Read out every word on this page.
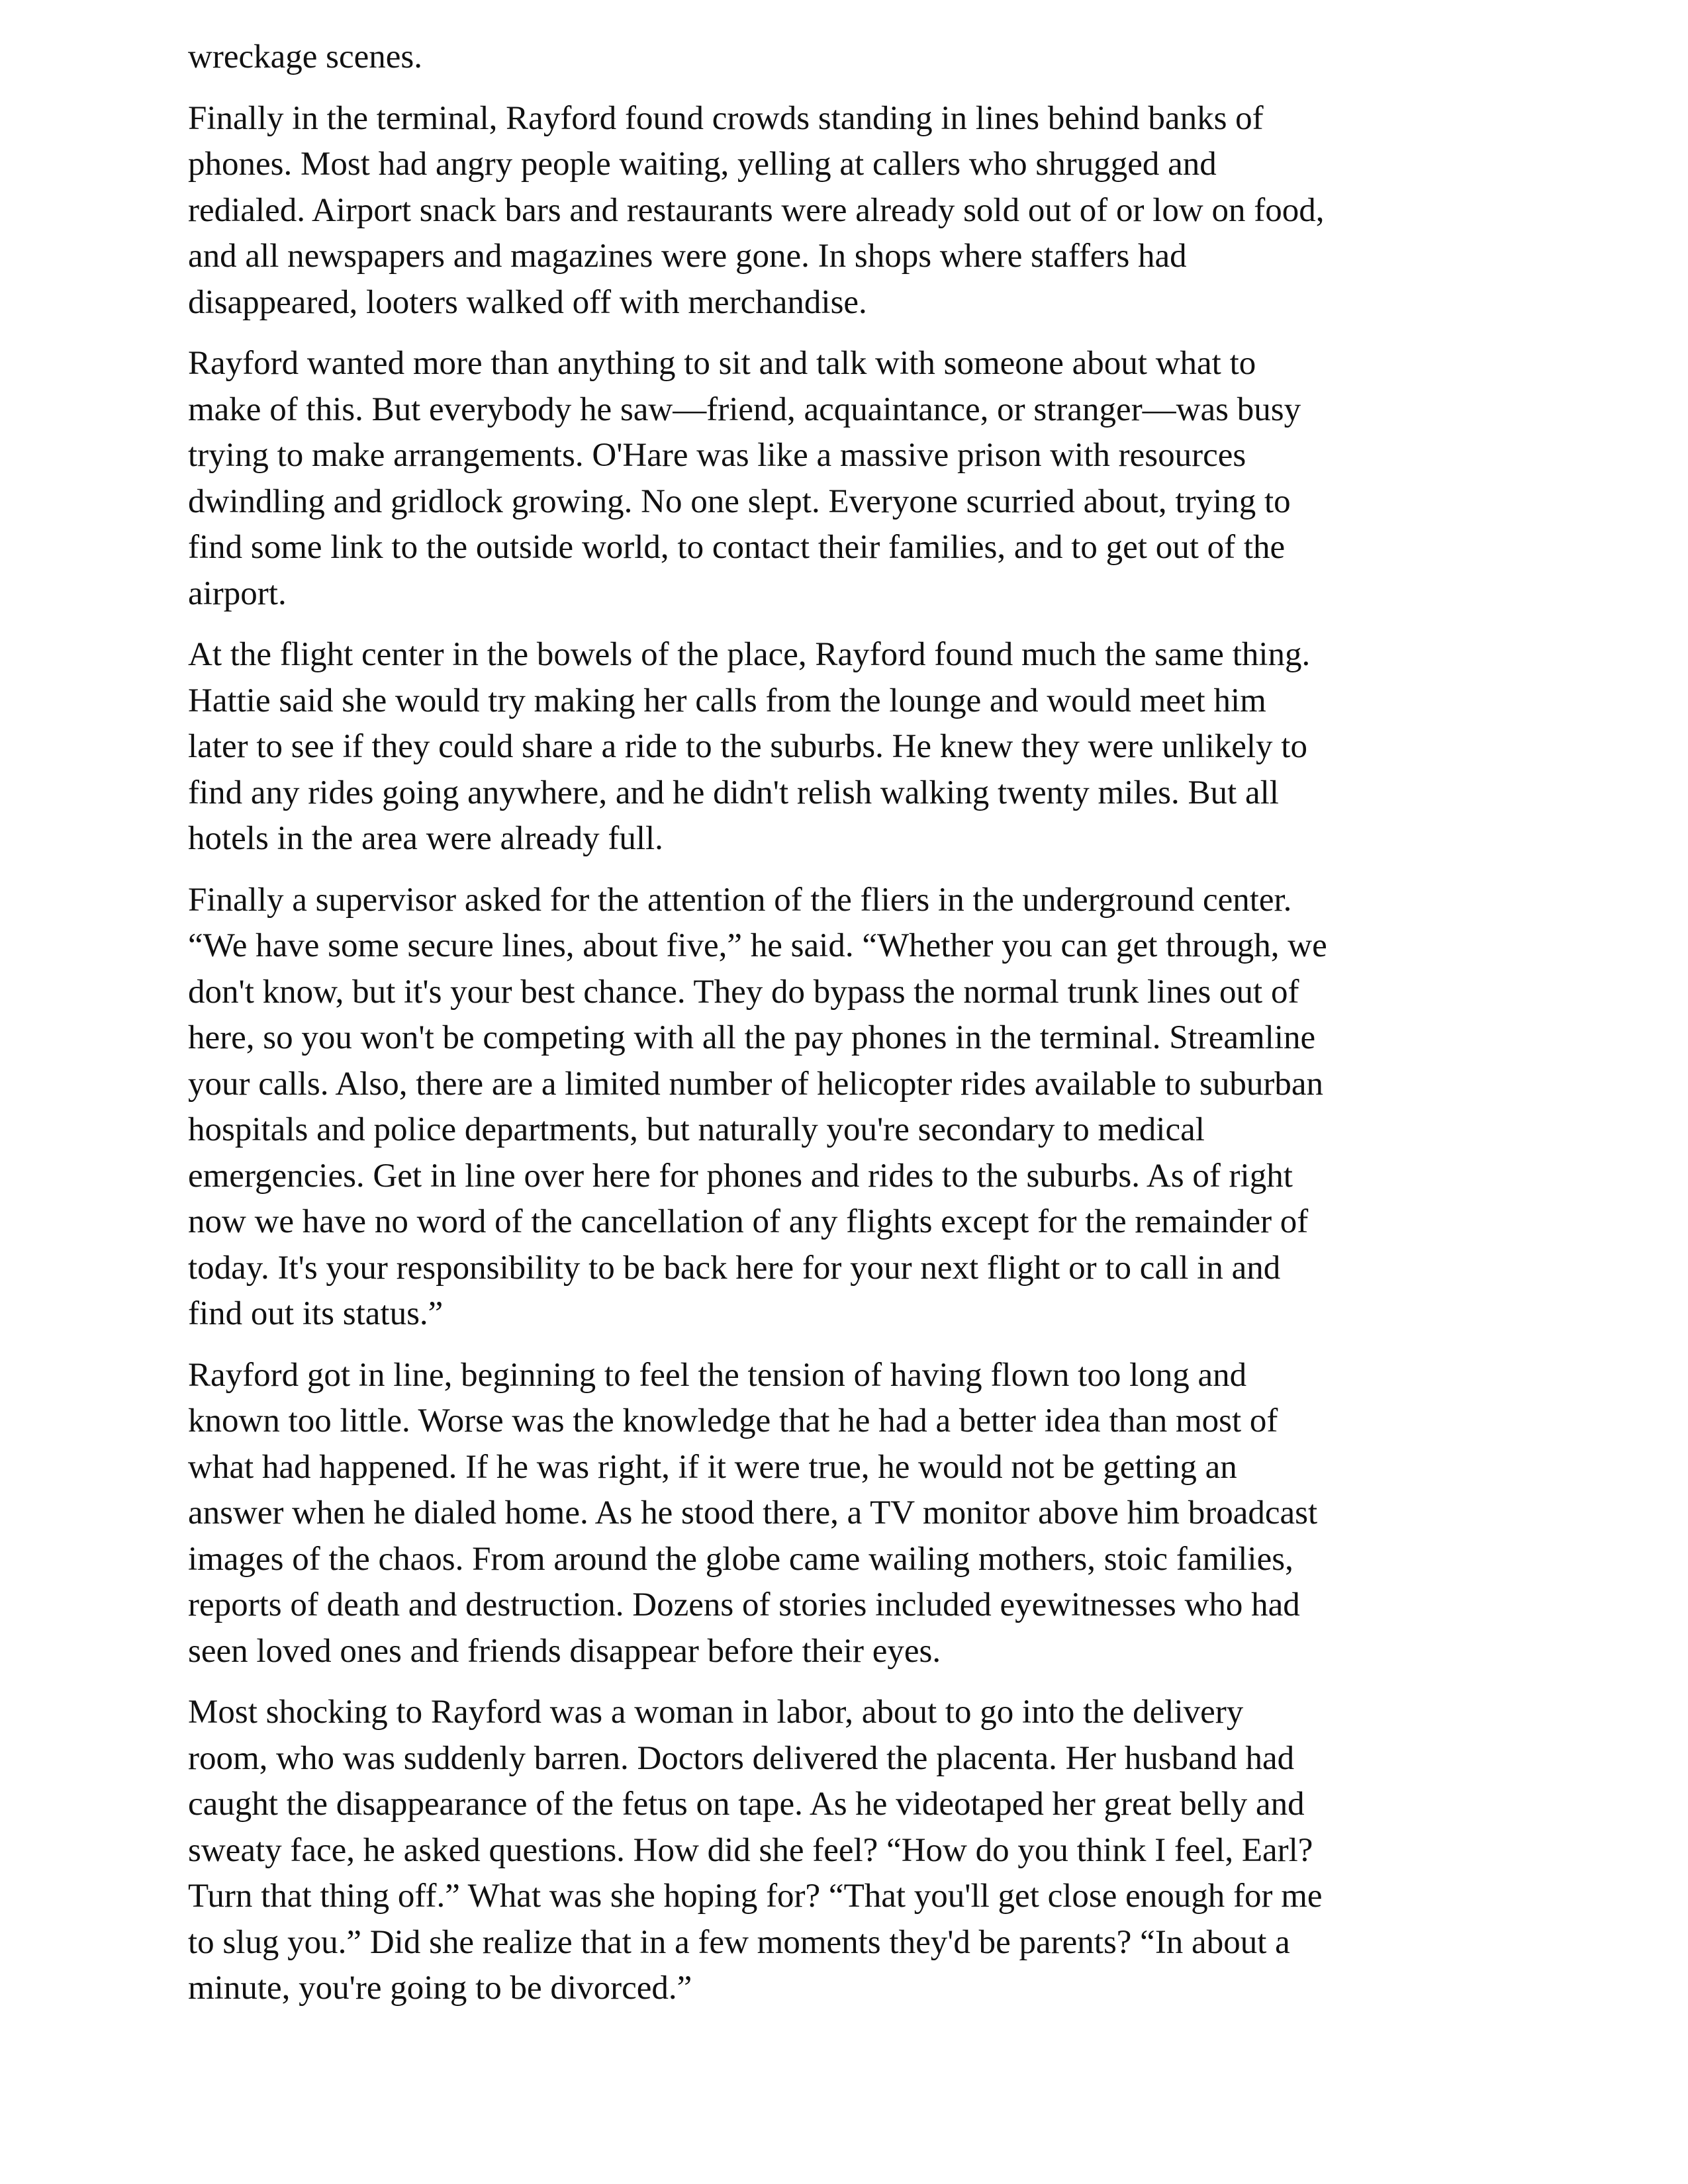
wreckage scenes.

Finally in the terminal, Rayford found crowds standing in lines behind banks of
phones. Most had angry people waiting, yelling at callers who shrugged and
redialed. Airport snack bars and restaurants were already sold out of or low on food,
and all newspapers and magazines were gone. In shops where staffers had
disappeared, looters walked off with merchandise.

Rayford wanted more than anything to sit and talk with someone about what to
make of this. But everybody he saw—friend, acquaintance, or stranger—was busy
trying to make arrangements. O'Hare was like a massive prison with resources
dwindling and gridlock growing. No one slept. Everyone scurried about, trying to
find some link to the outside world, to contact their families, and to get out of the
airport.

At the flight center in the bowels of the place, Rayford found much the same thing.
Hattie said she would try making her calls from the lounge and would meet him
later to see if they could share a ride to the suburbs. He knew they were unlikely to
find any rides going anywhere, and he didn't relish walking twenty miles. But all
hotels in the area were already full.

Finally a supervisor asked for the attention of the fliers in the underground center.
“We have some secure lines, about five,” he said. “Whether you can get through, we
don't know, but it's your best chance. They do bypass the normal trunk lines out of
here, so you won't be competing with all the pay phones in the terminal. Streamline
your calls. Also, there are a limited number of helicopter rides available to suburban
hospitals and police departments, but naturally you're secondary to medical
emergencies. Get in line over here for phones and rides to the suburbs. As of right
now we have no word of the cancellation of any flights except for the remainder of
today. It's your responsibility to be back here for your next flight or to call in and
find out its status.”

Rayford got in line, beginning to feel the tension of having flown too long and
known too little. Worse was the knowledge that he had a better idea than most of
what had happened. If he was right, if it were true, he would not be getting an
answer when he dialed home. As he stood there, a TV monitor above him broadcast
images of the chaos. From around the globe came wailing mothers, stoic families,
reports of death and destruction. Dozens of stories included eyewitnesses who had
seen loved ones and friends disappear before their eyes.

Most shocking to Rayford was a woman in labor, about to go into the delivery
room, who was suddenly barren. Doctors delivered the placenta. Her husband had
caught the disappearance of the fetus on tape. As he videotaped her great belly and
sweaty face, he asked questions. How did she feel? “How do you think I feel, Earl?
Turn that thing off.” What was she hoping for? “That you'll get close enough for me
to slug you.” Did she realize that in a few moments they'd be parents? “In about a
minute, you're going to be divorced.”
